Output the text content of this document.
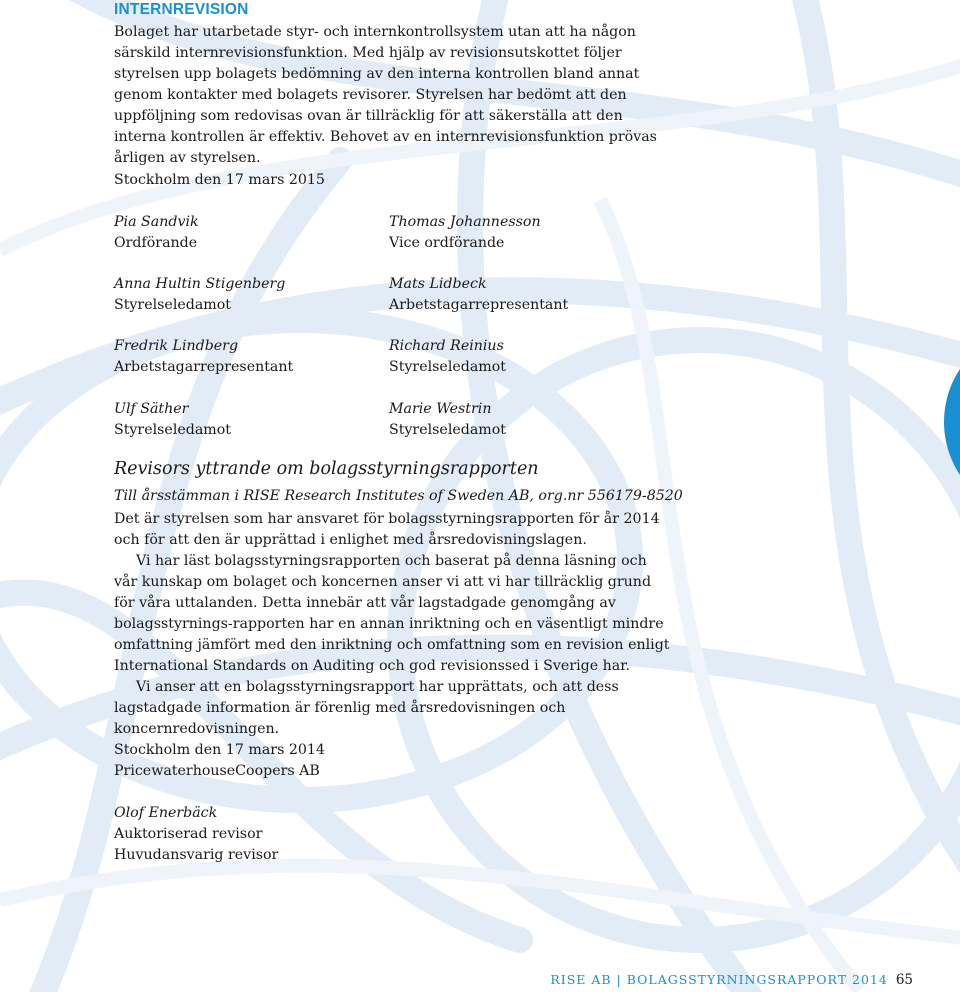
INTERNREVISION

Bolaget har utarbetade styr- och internkontrollsystem utan att ha någon särskild internrevisionsfunktion. Med hjälp av revisionsutskottet följer styrelsen upp bolagets bedömning av den interna kontrollen bland annat genom kontakter med bolagets revisorer. Styrelsen har bedömt att den uppföljning som redovisas ovan är tillräcklig för att säkerställa att den interna kontrollen är effektiv. Behovet av en internrevisionsfunktion prövas årligen av styrelsen.

Stockholm den 17 mars 2015

Pia Sandvik
Ordförande
Thomas Johannesson
Vice ordförande
Anna Hultin Stigenberg
Styrelseledamot
Mats Lidbeck
Arbetstagarrepresentant
Fredrik Lindberg
Arbetstagarrepresentant
Richard Reinius
Styrelseledamot
Ulf Säther
Styrelseledamot
Marie Westrin
Styrelseledamot
Revisors yttrande om bolagsstyrningsrapporten

Till årsstämman i RISE Research Institutes of Sweden AB, org.nr 556179-8520

Det är styrelsen som har ansvaret för bolagsstyrningsrapporten för år 2014 och för att den är upprättad i enlighet med årsredovisningslagen.

Vi har läst bolagsstyrningsrapporten och baserat på denna läsning och vår kunskap om bolaget och koncernen anser vi att vi har tillräcklig grund för våra uttalanden. Detta innebär att vår lagstadgade genomgång av bolagsstyrnings-rapporten har en annan inriktning och en väsentligt mindre omfattning jämfört med den inriktning och omfattning som en revision enligt International Standards on Auditing och god revisionssed i Sverige har.

Vi anser att en bolagsstyrningsrapport har upprättats, och att dess lagstadgade information är förenlig med årsredovisningen och koncernredovisningen.

Stockholm den 17 mars 2014
PricewaterhouseCoopers AB
Olof Enerbäck
Auktoriserad revisor
Huvudansvarig revisor
RISE AB | BOLAGSSTYRNINGSRAPPORT 2014 65
